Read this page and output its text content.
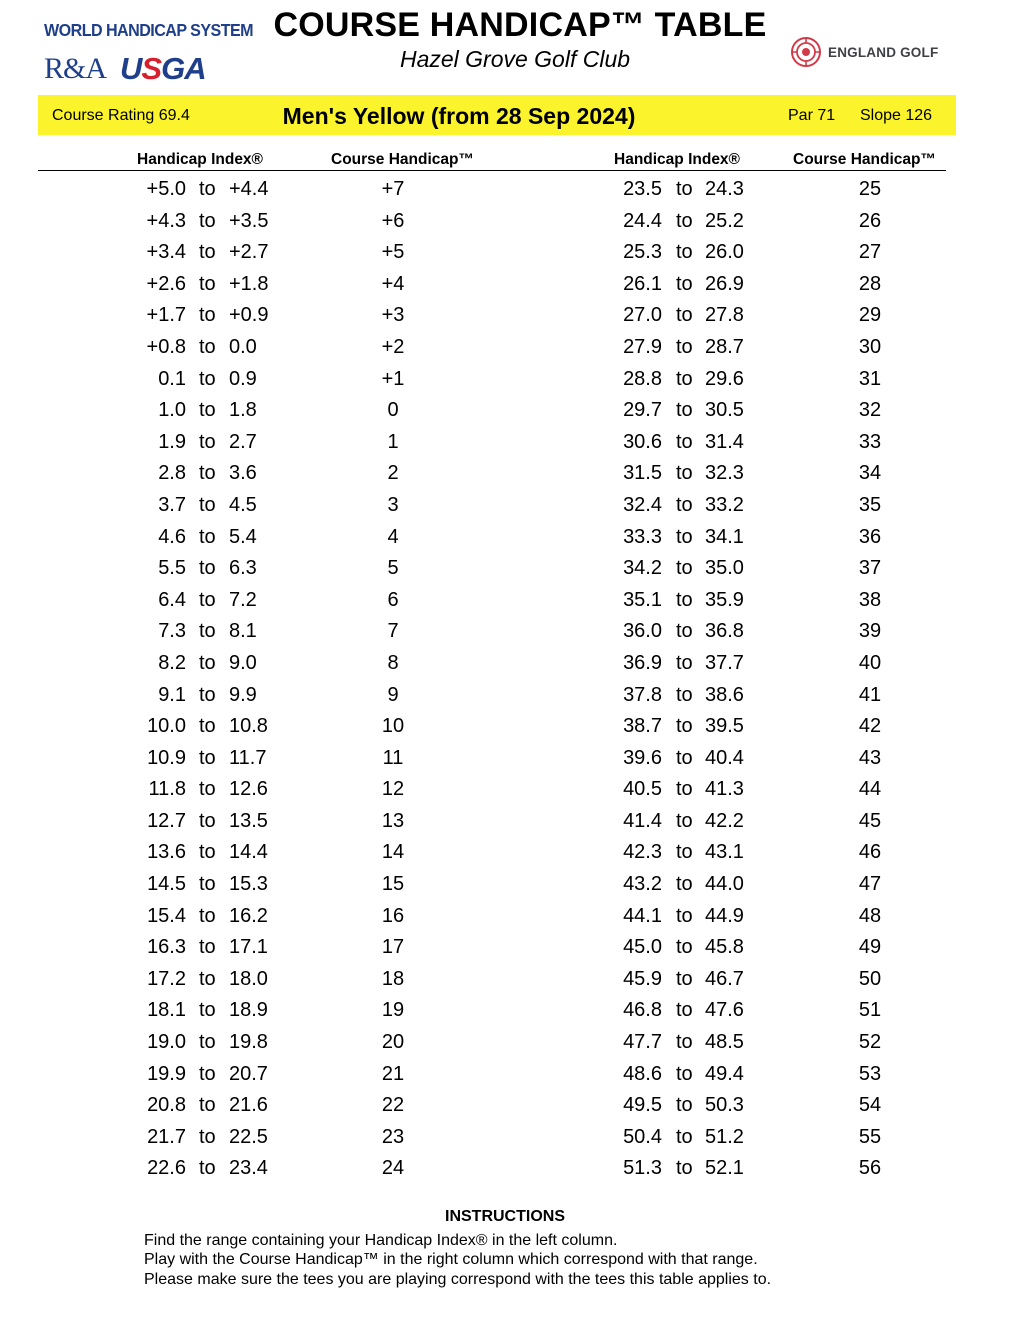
WORLD HANDICAP SYSTEM
R&A USGA
COURSE HANDICAP™ TABLE
Hazel Grove Golf Club	ENGLAND GOLF
Course Rating 69.4	Men's Yellow (from 28 Sep 2024)	Par 71 Slope 126
Handicap Index®	Course Handicap™	Handicap Index®	Course Handicap™
+5.0 to +4.4	+7	23.5 to 24.3	25
+4.3 to +3.5	+6	24.4 to 25.2	26
+3.4 to +2.7	+5	25.3 to 26.0	27
+2.6 to +1.8	+4	26.1 to 26.9	28
+1.7 to +0.9	+3	27.0 to 27.8	29
+0.8 to 0.0	+2	27.9 to 28.7	30
0.1 to 0.9	+1	28.8 to 29.6	31
1.0 to 1.8	0	29.7 to 30.5	32
1.9 to 2.7	1	30.6 to 31.4	33
2.8 to 3.6	2	31.5 to 32.3	34
3.7 to 4.5	3	32.4 to 33.2	35
4.6 to 5.4	4	33.3 to 34.1	36
5.5 to 6.3	5	34.2 to 35.0	37
6.4 to 7.2	6	35.1 to 35.9	38
7.3 to 8.1	7	36.0 to 36.8	39
8.2 to 9.0	8	36.9 to 37.7	40
9.1 to 9.9	9	37.8 to 38.6	41
10.0 to 10.8	10	38.7 to 39.5	42
10.9 to 11.7	11	39.6 to 40.4	43
11.8 to 12.6	12	40.5 to 41.3	44
12.7 to 13.5	13	41.4 to 42.2	45
13.6 to 14.4	14	42.3 to 43.1	46
14.5 to 15.3	15	43.2 to 44.0	47
15.4 to 16.2	16	44.1 to 44.9	48
16.3 to 17.1	17	45.0 to 45.8	49
17.2 to 18.0	18	45.9 to 46.7	50
18.1 to 18.9	19	46.8 to 47.6	51
19.0 to 19.8	20	47.7 to 48.5	52
19.9 to 20.7	21	48.6 to 49.4	53
20.8 to 21.6	22	49.5 to 50.3	54
21.7 to 22.5	23	50.4 to 51.2	55
22.6 to 23.4	24	51.3 to 52.1	56
INSTRUCTIONS
Find the range containing your Handicap Index® in the left column.
Play with the Course Handicap™ in the right column which correspond with that range.
Please make sure the tees you are playing correspond with the tees this table applies to.
